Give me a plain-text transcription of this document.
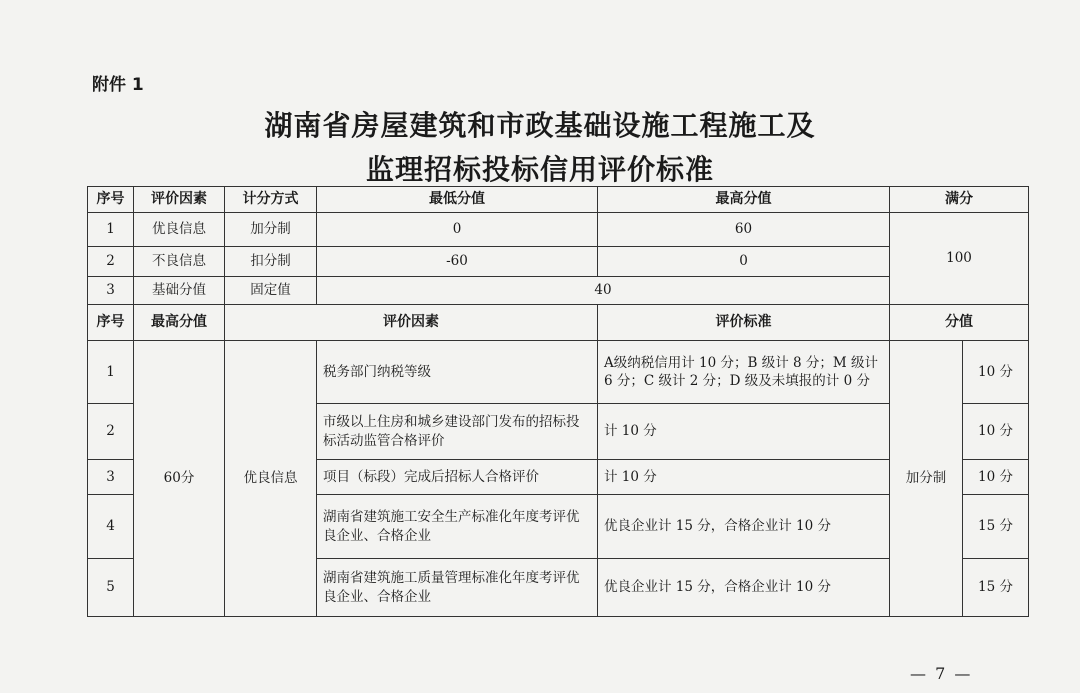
附件 1
湖南省房屋建筑和市政基础设施工程施工及
监理招标投标信用评价标准
序号	评价因素	计分方式	最低分值	最高分值	满分	
1	优良信息	加分制	0	60	100	
2	不良信息	扣分制	-60	0		
3	基础分值	固定值	40			
序号	最高分值	评价因素		评价标准	分值	
1	60分	优良信息	税务部门纳税等级	A级纳税信用计 10 分；B 级计 8 分；M 级计 6 分；C 级计 2 分；D 级及未填报的计 0 分	加分制	10 分
2			市级以上住房和城乡建设部门发布的招标投标活动监管合格评价	计 10 分		10 分
3			项目（标段）完成后招标人合格评价	计 10 分		10 分
4			湖南省建筑施工安全生产标准化年度考评优良企业、合格企业	优良企业计 15 分，合格企业计 10 分		15 分
5			湖南省建筑施工质量管理标准化年度考评优良企业、合格企业	优良企业计 15 分，合格企业计 10 分		15 分
— 7 —
